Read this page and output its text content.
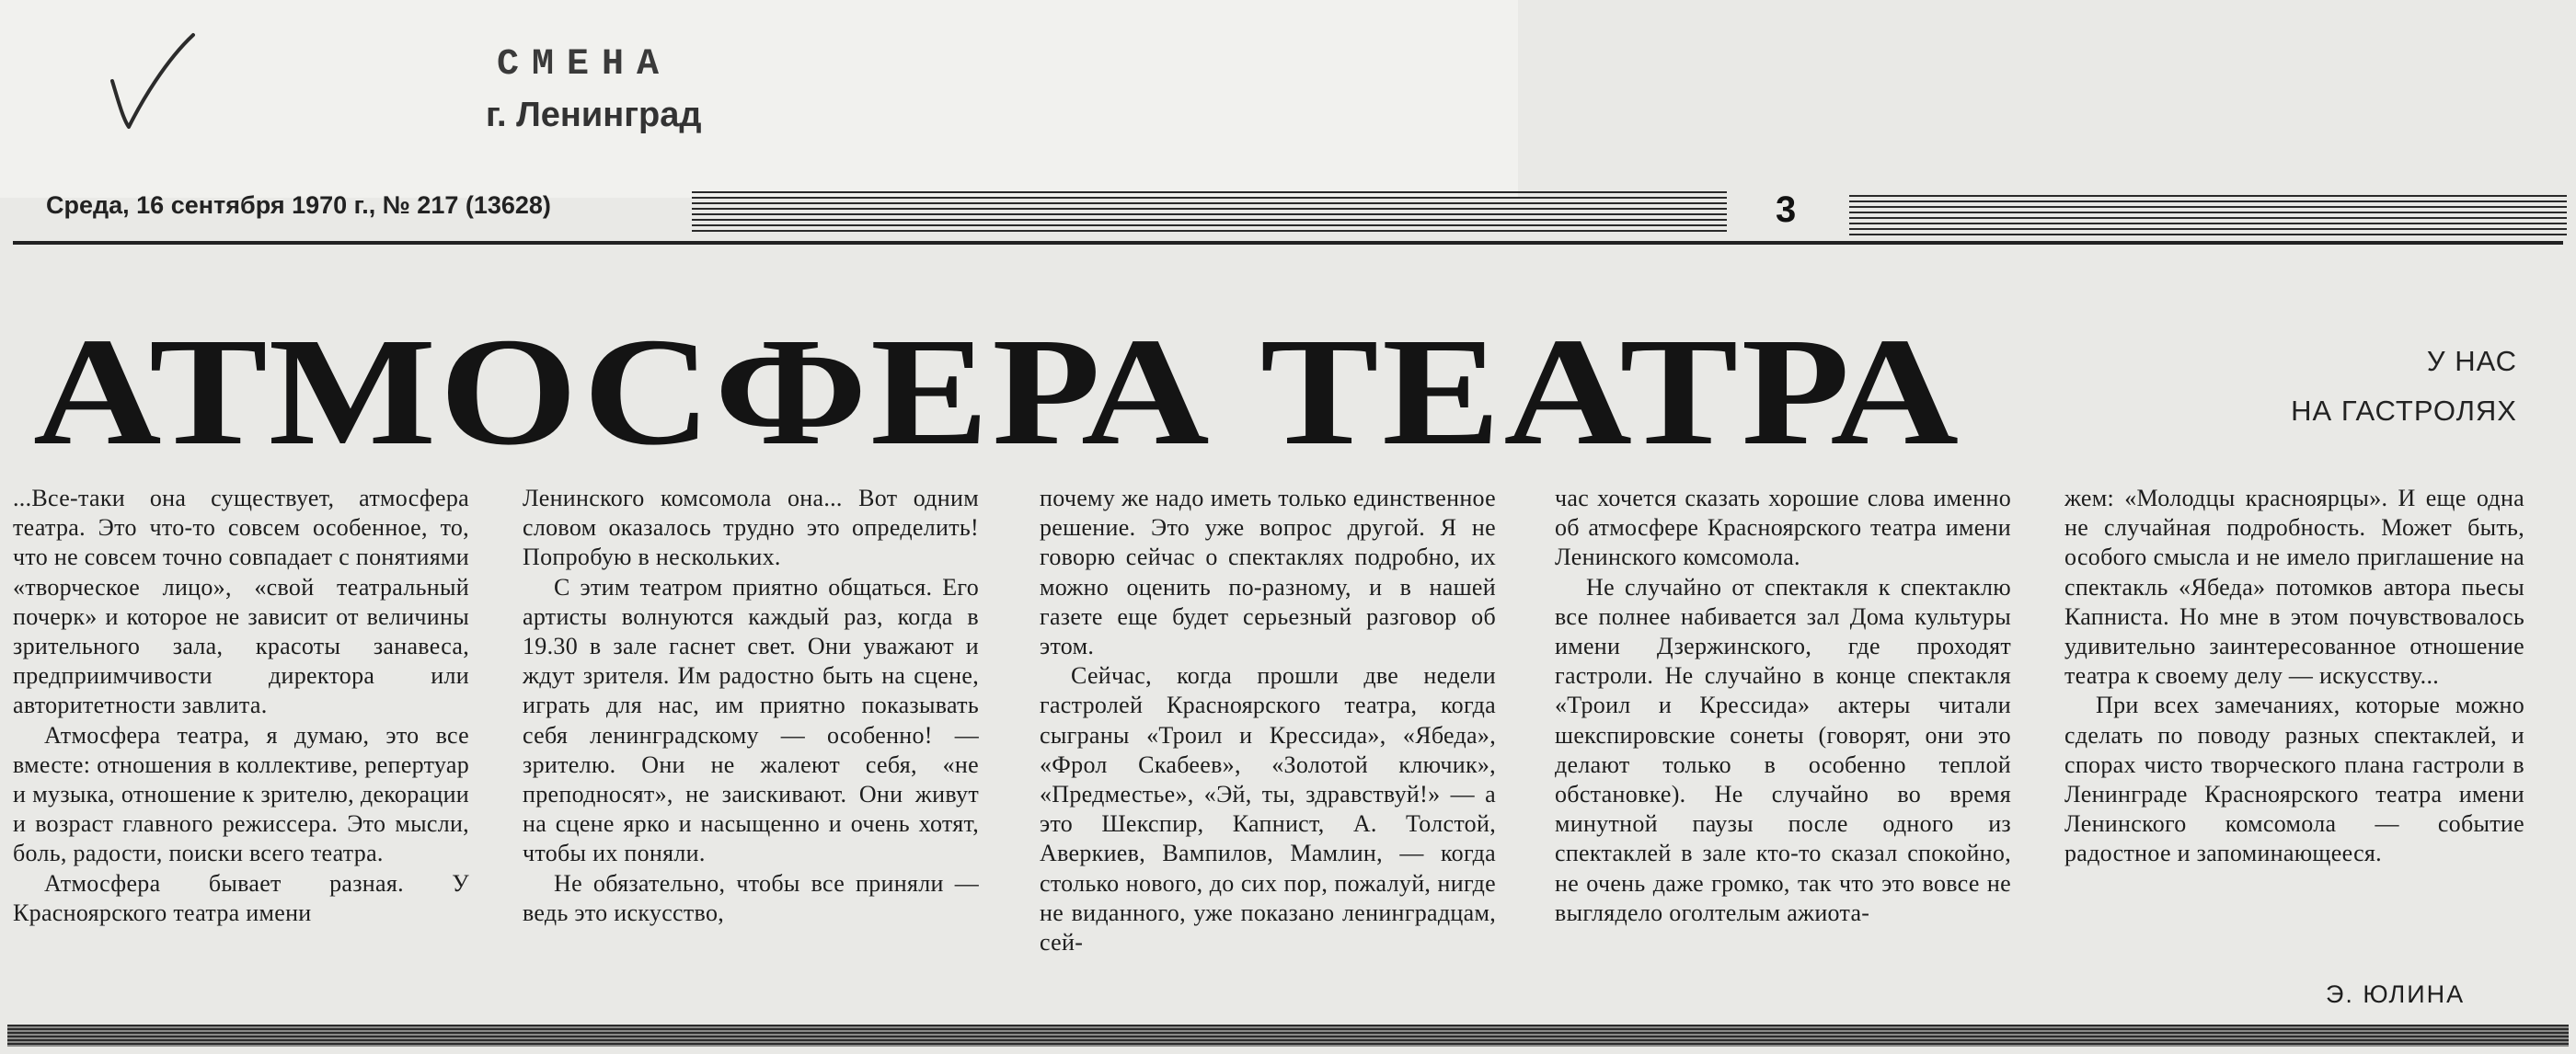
СМЕНА
г. Ленинград
Среда, 16 сентября 1970 г., № 217 (13628)	3
АТМОСФЕРА ТЕАТРА	У НАС
НА ГАСТРОЛЯХ

...Все-таки она существует, атмосфера театра. Это что-то совсем особенное, то, что не совсем точно совпадает с понятиями «творческое лицо», «свой театральный почерк» и которое не зависит от величины зрительного зала, красоты занавеса, предприимчивости директора или авторитетности завлита.

Атмосфера театра, я думаю, это все вместе: отношения в коллективе, репертуар и музыка, отношение к зрителю, декорации и возраст главного режиссера. Это мысли, боль, радости, поиски всего театра.

Атмосфера бывает разная. У Красноярского театра имени

Ленинского комсомола она... Вот одним словом оказалось трудно это определить! Попробую в нескольких.

С этим театром приятно общаться. Его артисты волнуются каждый раз, когда в 19.30 в зале гаснет свет. Они уважают и ждут зрителя. Им радостно быть на сцене, играть для нас, им приятно показывать себя ленинградскому — особенно! — зрителю. Они не жалеют себя, «не преподносят», не заискивают. Они живут на сцене ярко и насыщенно и очень хотят, чтобы их поняли.

Не обязательно, чтобы все приняли — ведь это искусство,

почему же надо иметь только единственное решение. Это уже вопрос другой. Я не говорю сейчас о спектаклях подробно, их можно оценить по-разному, и в нашей газете еще будет серьезный разговор об этом.

Сейчас, когда прошли две недели гастролей Красноярского театра, когда сыграны «Троил и Крессида», «Ябеда», «Фрол Скабеев», «Золотой ключик», «Предместье», «Эй, ты, здравствуй!» — а это Шекспир, Капнист, А. Толстой, Аверкиев, Вампилов, Мамлин, — когда столько нового, до сих пор, пожалуй, нигде не виданного, уже показано ленинградцам, сей-

час хочется сказать хорошие слова именно об атмосфере Красноярского театра имени Ленинского комсомола.

Не случайно от спектакля к спектаклю все полнее набивается зал Дома культуры имени Дзержинского, где проходят гастроли. Не случайно в конце спектакля «Троил и Крессида» актеры читали шекспировские сонеты (говорят, они это делают только в особенно теплой обстановке). Не случайно во время минутной паузы после одного из спектаклей в зале кто-то сказал спокойно, не очень даже громко, так что это вовсе не выглядело оголтелым ажиота-

жем: «Молодцы красноярцы». И еще одна не случайная подробность. Может быть, особого смысла и не имело приглашение на спектакль «Ябеда» потомков автора пьесы Капниста. Но мне в этом почувствовалось удивительно заинтересованное отношение театра к своему делу — искусству...

При всех замечаниях, которые можно сделать по поводу разных спектаклей, и спорах чисто творческого плана гастроли в Ленинграде Красноярского театра имени Ленинского комсомола — событие радостное и запоминающееся.

Э. ЮЛИНА
